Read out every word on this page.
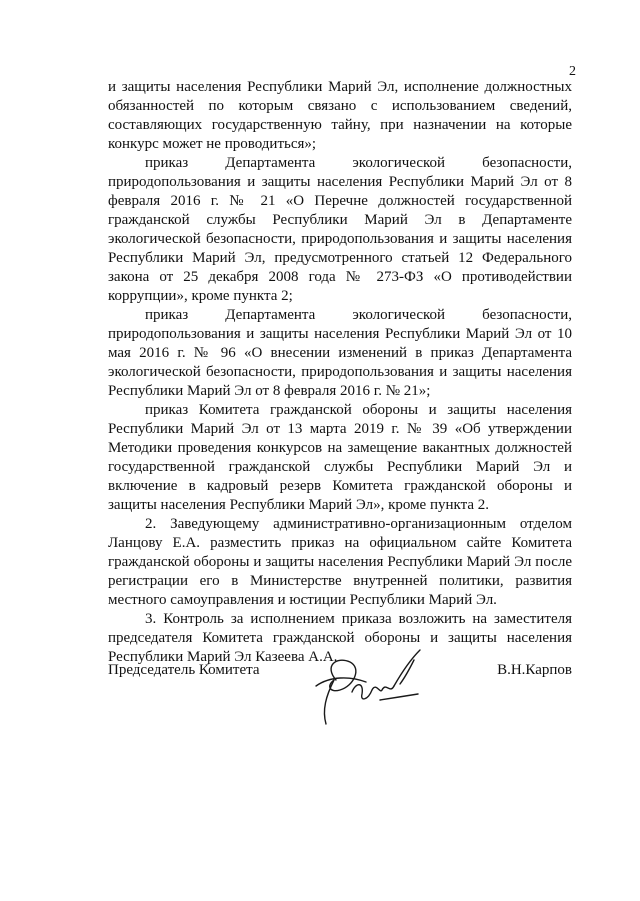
2

и защиты населения Республики Марий Эл, исполнение должностных обязанностей по которым связано с использованием сведений, составляющих государственную тайну, при назначении на которые конкурс может не проводиться»;

приказ Департамента экологической безопасности, природопользования и защиты населения Республики Марий Эл от 8 февраля 2016 г. № 21 «О Перечне должностей государственной гражданской службы Республики Марий Эл в Департаменте экологической безопасности, природопользования и защиты населения Республики Марий Эл, предусмотренного статьей 12 Федерального закона от 25 декабря 2008 года № 273-ФЗ «О противодействии коррупции», кроме пункта 2;

приказ Департамента экологической безопасности, природопользования и защиты населения Республики Марий Эл от 10 мая 2016 г. № 96 «О внесении изменений в приказ Департамента экологической безопасности, природопользования и защиты населения Республики Марий Эл от 8 февраля 2016 г. № 21»;

приказ Комитета гражданской обороны и защиты населения Республики Марий Эл от 13 марта 2019 г. № 39 «Об утверждении Методики проведения конкурсов на замещение вакантных должностей государственной гражданской службы Республики Марий Эл и включение в кадровый резерв Комитета гражданской обороны и защиты населения Республики Марий Эл», кроме пункта 2.

2. Заведующему административно-организационным отделом Ланцову Е.А. разместить приказ на официальном сайте Комитета гражданской обороны и защиты населения Республики Марий Эл после регистрации его в Министерстве внутренней политики, развития местного самоуправления и юстиции Республики Марий Эл.

3. Контроль за исполнением приказа возложить на заместителя председателя Комитета гражданской обороны и защиты населения Республики Марий Эл Казеева А.А.

Председатель Комитета	В.Н.Карпов
